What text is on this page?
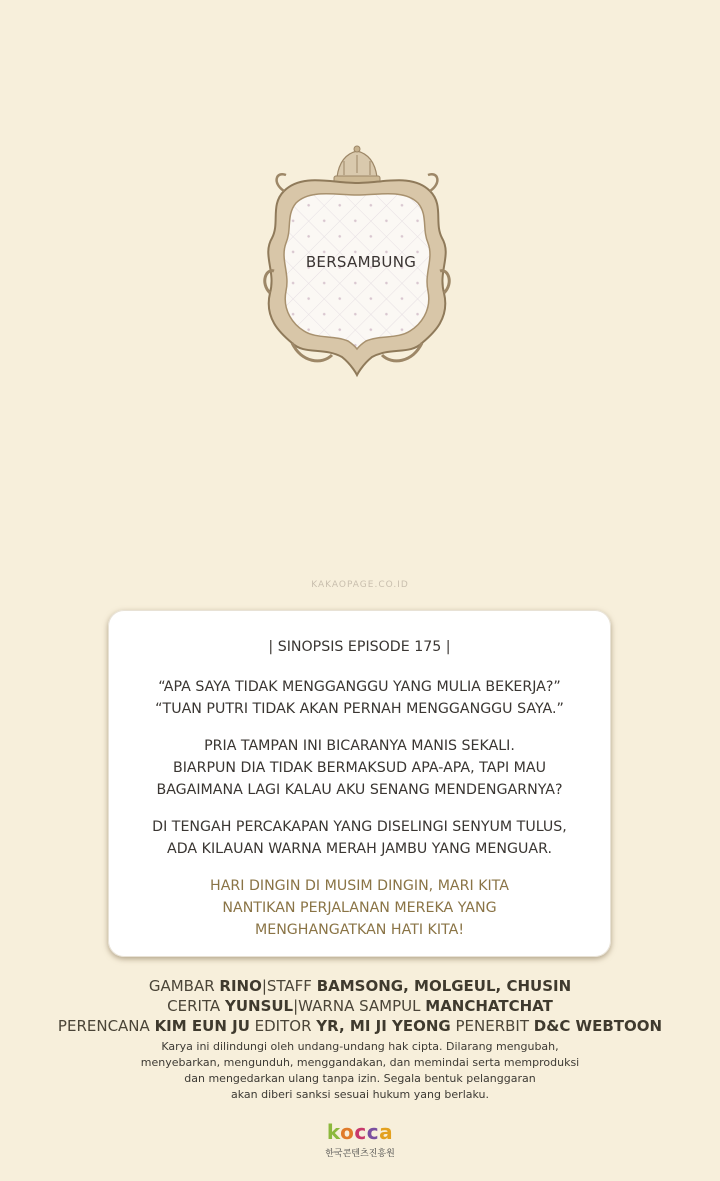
BERSAMBUNG
KAKAOPAGE.CO.ID
| SINOPSIS EPISODE 175 |
“APA SAYA TIDAK MENGGANGGU YANG MULIA BEKERJA?”
“TUAN PUTRI TIDAK AKAN PERNAH MENGGANGGU SAYA.”
PRIA TAMPAN INI BICARANYA MANIS SEKALI.
BIARPUN DIA TIDAK BERMAKSUD APA-APA, TAPI MAU
BAGAIMANA LAGI KALAU AKU SENANG MENDENGARNYA?
DI TENGAH PERCAKAPAN YANG DISELINGI SENYUM TULUS,
ADA KILAUAN WARNA MERAH JAMBU YANG MENGUAR.
HARI DINGIN DI MUSIM DINGIN, MARI KITA
NANTIKAN PERJALANAN MEREKA YANG
MENGHANGATKAN HATI KITA!
GAMBAR RINO|STAFF BAMSONG, MOLGEUL, CHUSIN
CERITA YUNSUL|WARNA SAMPUL MANCHATCHAT
PERENCANA KIM EUN JU EDITOR YR, MI JI YEONG PENERBIT D&C WEBTOON
Karya ini dilindungi oleh undang-undang hak cipta. Dilarang mengubah,
menyebarkan, mengunduh, menggandakan, dan memindai serta memproduksi
dan mengedarkan ulang tanpa izin. Segala bentuk pelanggaran
akan diberi sanksi sesuai hukum yang berlaku.
kocca
한국콘텐츠진흥원
